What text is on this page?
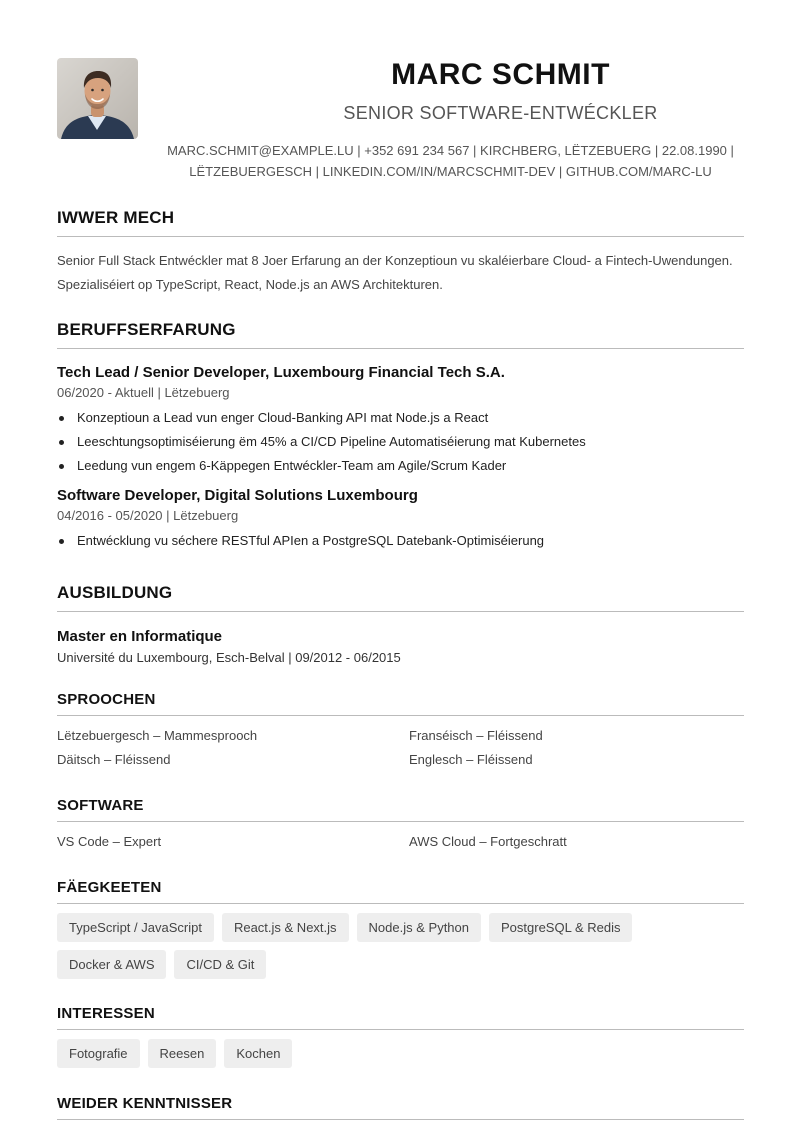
MARC SCHMIT
SENIOR SOFTWARE-ENTWÉCKLER
MARC.SCHMIT@EXAMPLE.LU | +352 691 234 567 | KIRCHBERG, LËTZEBUERG | 22.08.1990 |
LËTZEBUERGESCH | LINKEDIN.COM/IN/MARCSCHMIT-DEV | GITHUB.COM/MARC-LU
IWWER MECH
Senior Full Stack Entwéckler mat 8 Joer Erfarung an der Konzeptioun vu skaléierbare Cloud- a Fintech-Uwendungen. Spezialiséiert op TypeScript, React, Node.js an AWS Architekturen.
BERUFFSERFARUNG
Tech Lead / Senior Developer, Luxembourg Financial Tech S.A.
06/2020 - Aktuell | Lëtzebuerg
Konzeptioun a Lead vun enger Cloud-Banking API mat Node.js a React
Leeschtungsoptimiséierung ëm 45% a CI/CD Pipeline Automatiséierung mat Kubernetes
Leedung vun engem 6-Käppegen Entwéckler-Team am Agile/Scrum Kader
Software Developer, Digital Solutions Luxembourg
04/2016 - 05/2020 | Lëtzebuerg
Entwécklung vu séchere RESTful APIen a PostgreSQL Datebank-Optimiséierung
AUSBILDUNG
Master en Informatique
Université du Luxembourg, Esch-Belval | 09/2012 - 06/2015
SPROOCHEN
Lëtzebuergesch – Mammesprooch	Franséisch – Fléissend
Däitsch – Fléissend	Englesch – Fléissend
SOFTWARE
VS Code – Expert	AWS Cloud – Fortgeschratt
FÄEGKEETEN
TypeScript / JavaScript	React.js & Next.js	Node.js & Python	PostgreSQL & Redis
Docker & AWS	CI/CD & Git
INTERESSEN
Fotografie	Reesen	Kochen
WEIDER KENNTNISSER
